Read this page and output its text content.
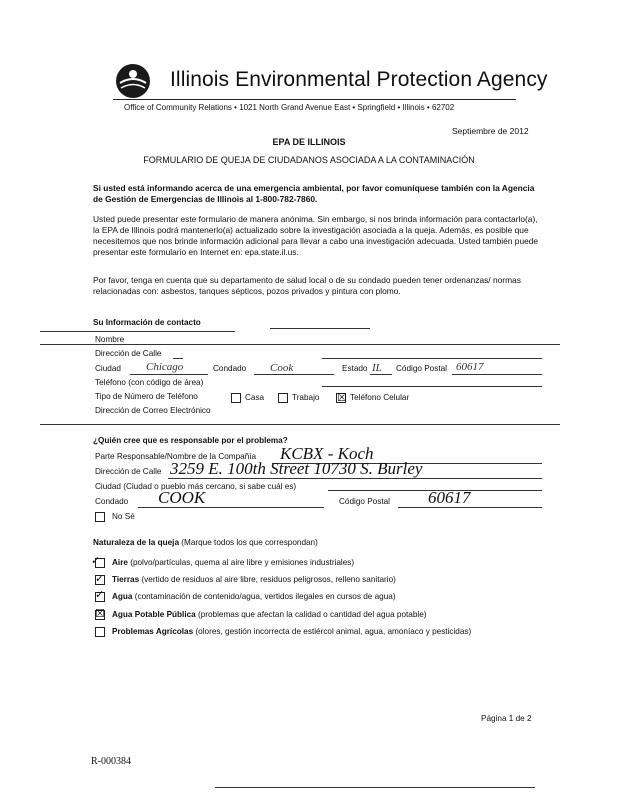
Illinois Environmental Protection Agency
Office of Community Relations • 1021 North Grand Avenue East • Springfield • Illinois • 62702
Septiembre de 2012
EPA DE ILLINOIS
FORMULARIO DE QUEJA DE CIUDADANOS ASOCIADA A LA CONTAMINACIÓN
Si usted está informando acerca de una emergencia ambiental, por favor comuníquese también con la Agencia de Gestión de Emergencias de Illinois al 1-800-782-7860.
Usted puede presentar este formulario de manera anónima. Sin embargo, si nos brinda información para contactarlo(a), la EPA de Illinois podrá mantenerlo(a) actualizado sobre la investigación asociada a la queja. Además, es posible que necesitemos que nos brinde información adicional para llevar a cabo una investigación adecuada. Usted también puede presentar este formulario en Internet en: epa.state.il.us.
Por favor, tenga en cuenta que su departamento de salud local o de su condado pueden tener ordenanzas/ normas relacionadas con: asbestos, tanques sépticos, pozos privados y pintura con plomo.
Su Información de contacto
Nombre
Dirección de Calle
Ciudad Chicago	Condado Cook	Estado IL Código Postal 60617
Teléfono (con código de área)
Tipo de Número de Teléfono	Casa	Trabajo ☒ Teléfono Celular
Dirección de Correo Electrónico
¿Quién cree que es responsable por el problema?
Parte Responsable/Nombre de la Compañía KCBX - Koch
Dirección de Calle 3259 E. 100th Street 10730 S. Burley
Ciudad (Ciudad o pueblo más cercano, si sabe cuál es)
Condado COOK	Código Postal 60617
No Sé
Naturaleza de la queja (Marque todos los que correspondan)
✓ Aire (polvo/partículas, quema al aire libre y emisiones industriales)
✓ Tierras (vertido de residuos al aire libre, residuos peligrosos, relleno sanitario)
✓ Agua (contaminación de contenido/agua, vertidos ilegales en cursos de agua)
☒ Agua Potable Pública (problemas que afectan la calidad o cantidad del agua potable)
Problemas Agrícolas (olores, gestión incorrecta de estiércol animal, agua, amoníaco y pesticidas)
Página 1 de 2
R-000384
